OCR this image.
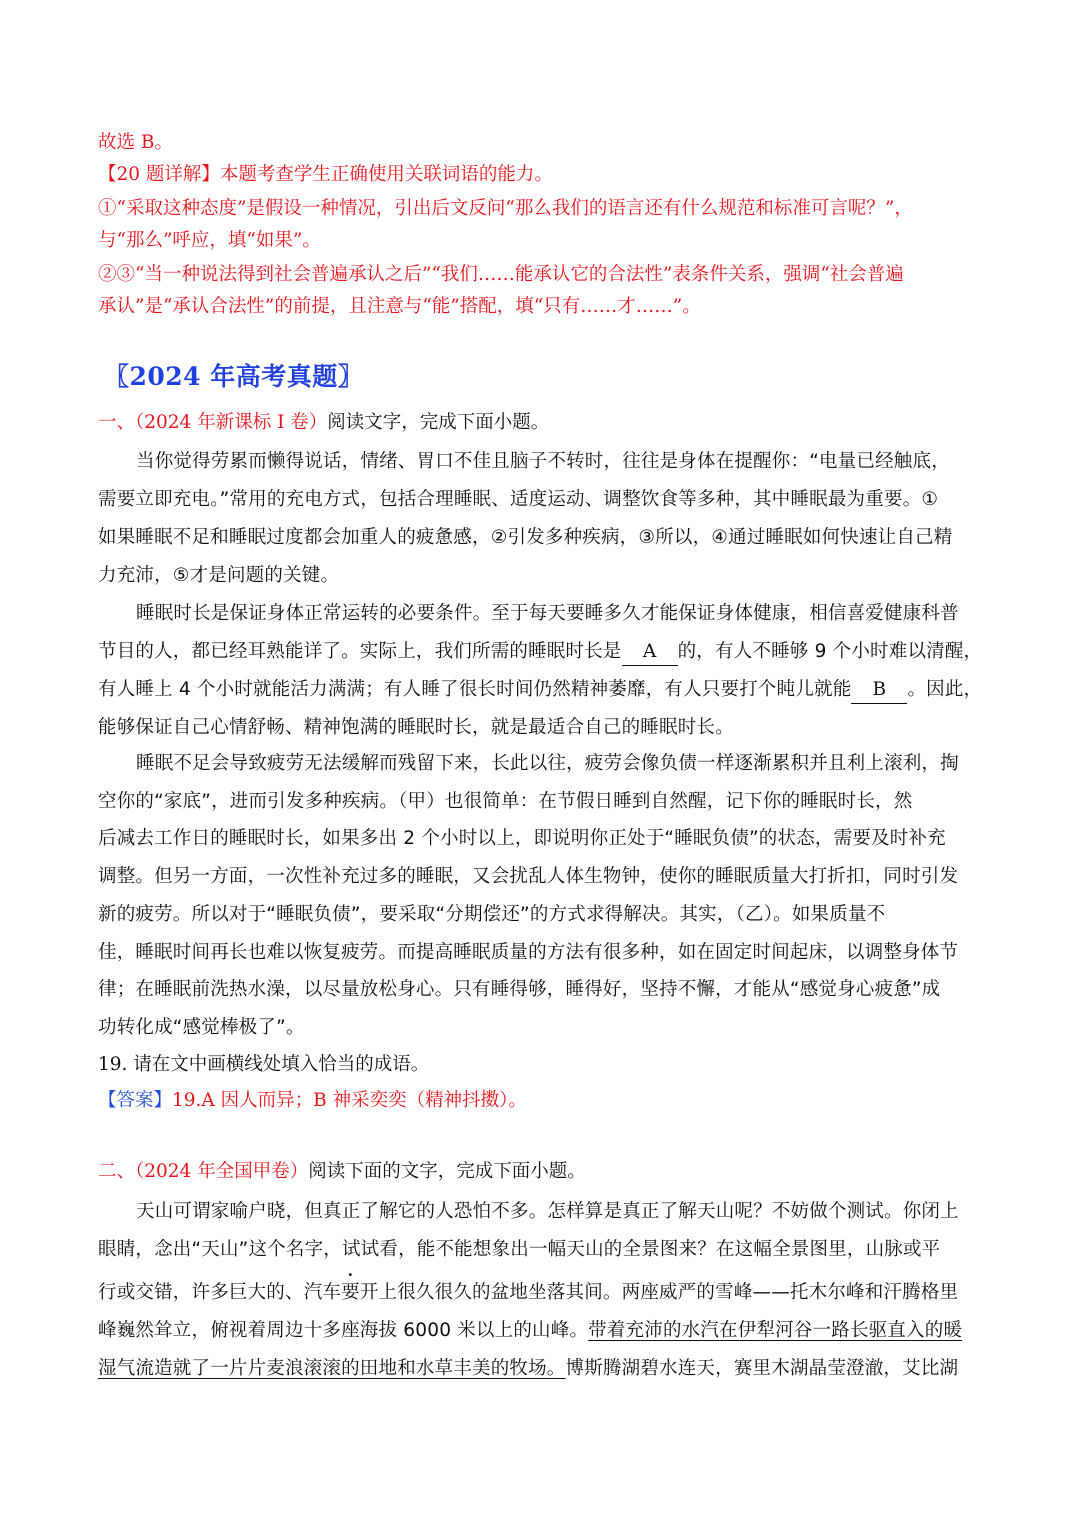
故选 B。
【20 题详解】本题考查学生正确使用关联词语的能力。
①“采取这种态度”是假设一种情况，引出后文反问“那么我们的语言还有什么规范和标准可言呢？”，
与“那么”呼应，填“如果”。
②③“当一种说法得到社会普遍承认之后”“我们……能承认它的合法性”表条件关系，强调“社会普遍
承认”是“承认合法性”的前提，且注意与“能”搭配，填“只有……才……”。
〖2024 年高考真题〗
一、（2024 年新课标 I 卷）阅读文字，完成下面小题。
当你觉得劳累而懒得说话，情绪、胃口不佳且脑子不转时，往往是身体在提醒你：“电量已经触底，
需要立即充电。”常用的充电方式，包括合理睡眠、适度运动、调整饮食等多种，其中睡眠最为重要。①
如果睡眠不足和睡眠过度都会加重人的疲惫感，②引发多种疾病，③所以，④通过睡眠如何快速让自己精
力充沛，⑤才是问题的关键。
睡眠时长是保证身体正常运转的必要条件。至于每天要睡多久才能保证身体健康，相信喜爱健康科普
节目的人，都已经耳熟能详了。实际上，我们所需的睡眠时长是 A 的，有人不睡够 9 个小时难以清醒，
有人睡上 4 个小时就能活力满满；有人睡了很长时间仍然精神萎靡，有人只要打个盹儿就能 B 。因此，
能够保证自己心情舒畅、精神饱满的睡眠时长，就是最适合自己的睡眠时长。
睡眠不足会导致疲劳无法缓解而残留下来，长此以往，疲劳会像负债一样逐渐累积并且利上滚利，掏
空你的“家底”，进而引发多种疾病。（甲）也很简单：在节假日睡到自然醒，记下你的睡眠时长，然
后减去工作日的睡眠时长，如果多出 2 个小时以上，即说明你正处于“睡眠负债”的状态，需要及时补充
调整。但另一方面，一次性补充过多的睡眠，又会扰乱人体生物钟，使你的睡眠质量大打折扣，同时引发
新的疲劳。所以对于“睡眠负债”，要采取“分期偿还”的方式求得解决。其实，（乙）。如果质量不
佳，睡眠时间再长也难以恢复疲劳。而提高睡眠质量的方法有很多种，如在固定时间起床，以调整身体节
律；在睡眠前洗热水澡，以尽量放松身心。只有睡得够，睡得好，坚持不懈，才能从“感觉身心疲惫”成
功转化成“感觉棒极了”。
19. 请在文中画横线处填入恰当的成语。
【答案】19.A 因人而异；B 神采奕奕（精神抖擞）。
二、（2024 年全国甲卷）阅读下面的文字，完成下面小题。
天山可谓家喻户晓，但真正了解它的人恐怕不多。怎样算是真正了解天山呢？不妨做个测试。你闭上
眼睛，念出“天山”这个名字，试试看，能不能想象出一幅天山的全景图来？在这幅全景图里，山脉或平
行或交错，许多巨大的、汽车要开上很久很久的盆地坐落其间。两座威严的雪峰——托木尔峰和汗腾格里
峰巍然耸立，俯视着周边十多座海拔 6000 米以上的山峰。带着充沛的水汽在伊犁河谷一路长驱直入的暖
湿气流造就了一片片麦浪滚滚的田地和水草丰美的牧场。博斯腾湖碧水连天，赛里木湖晶莹澄澈，艾比湖
